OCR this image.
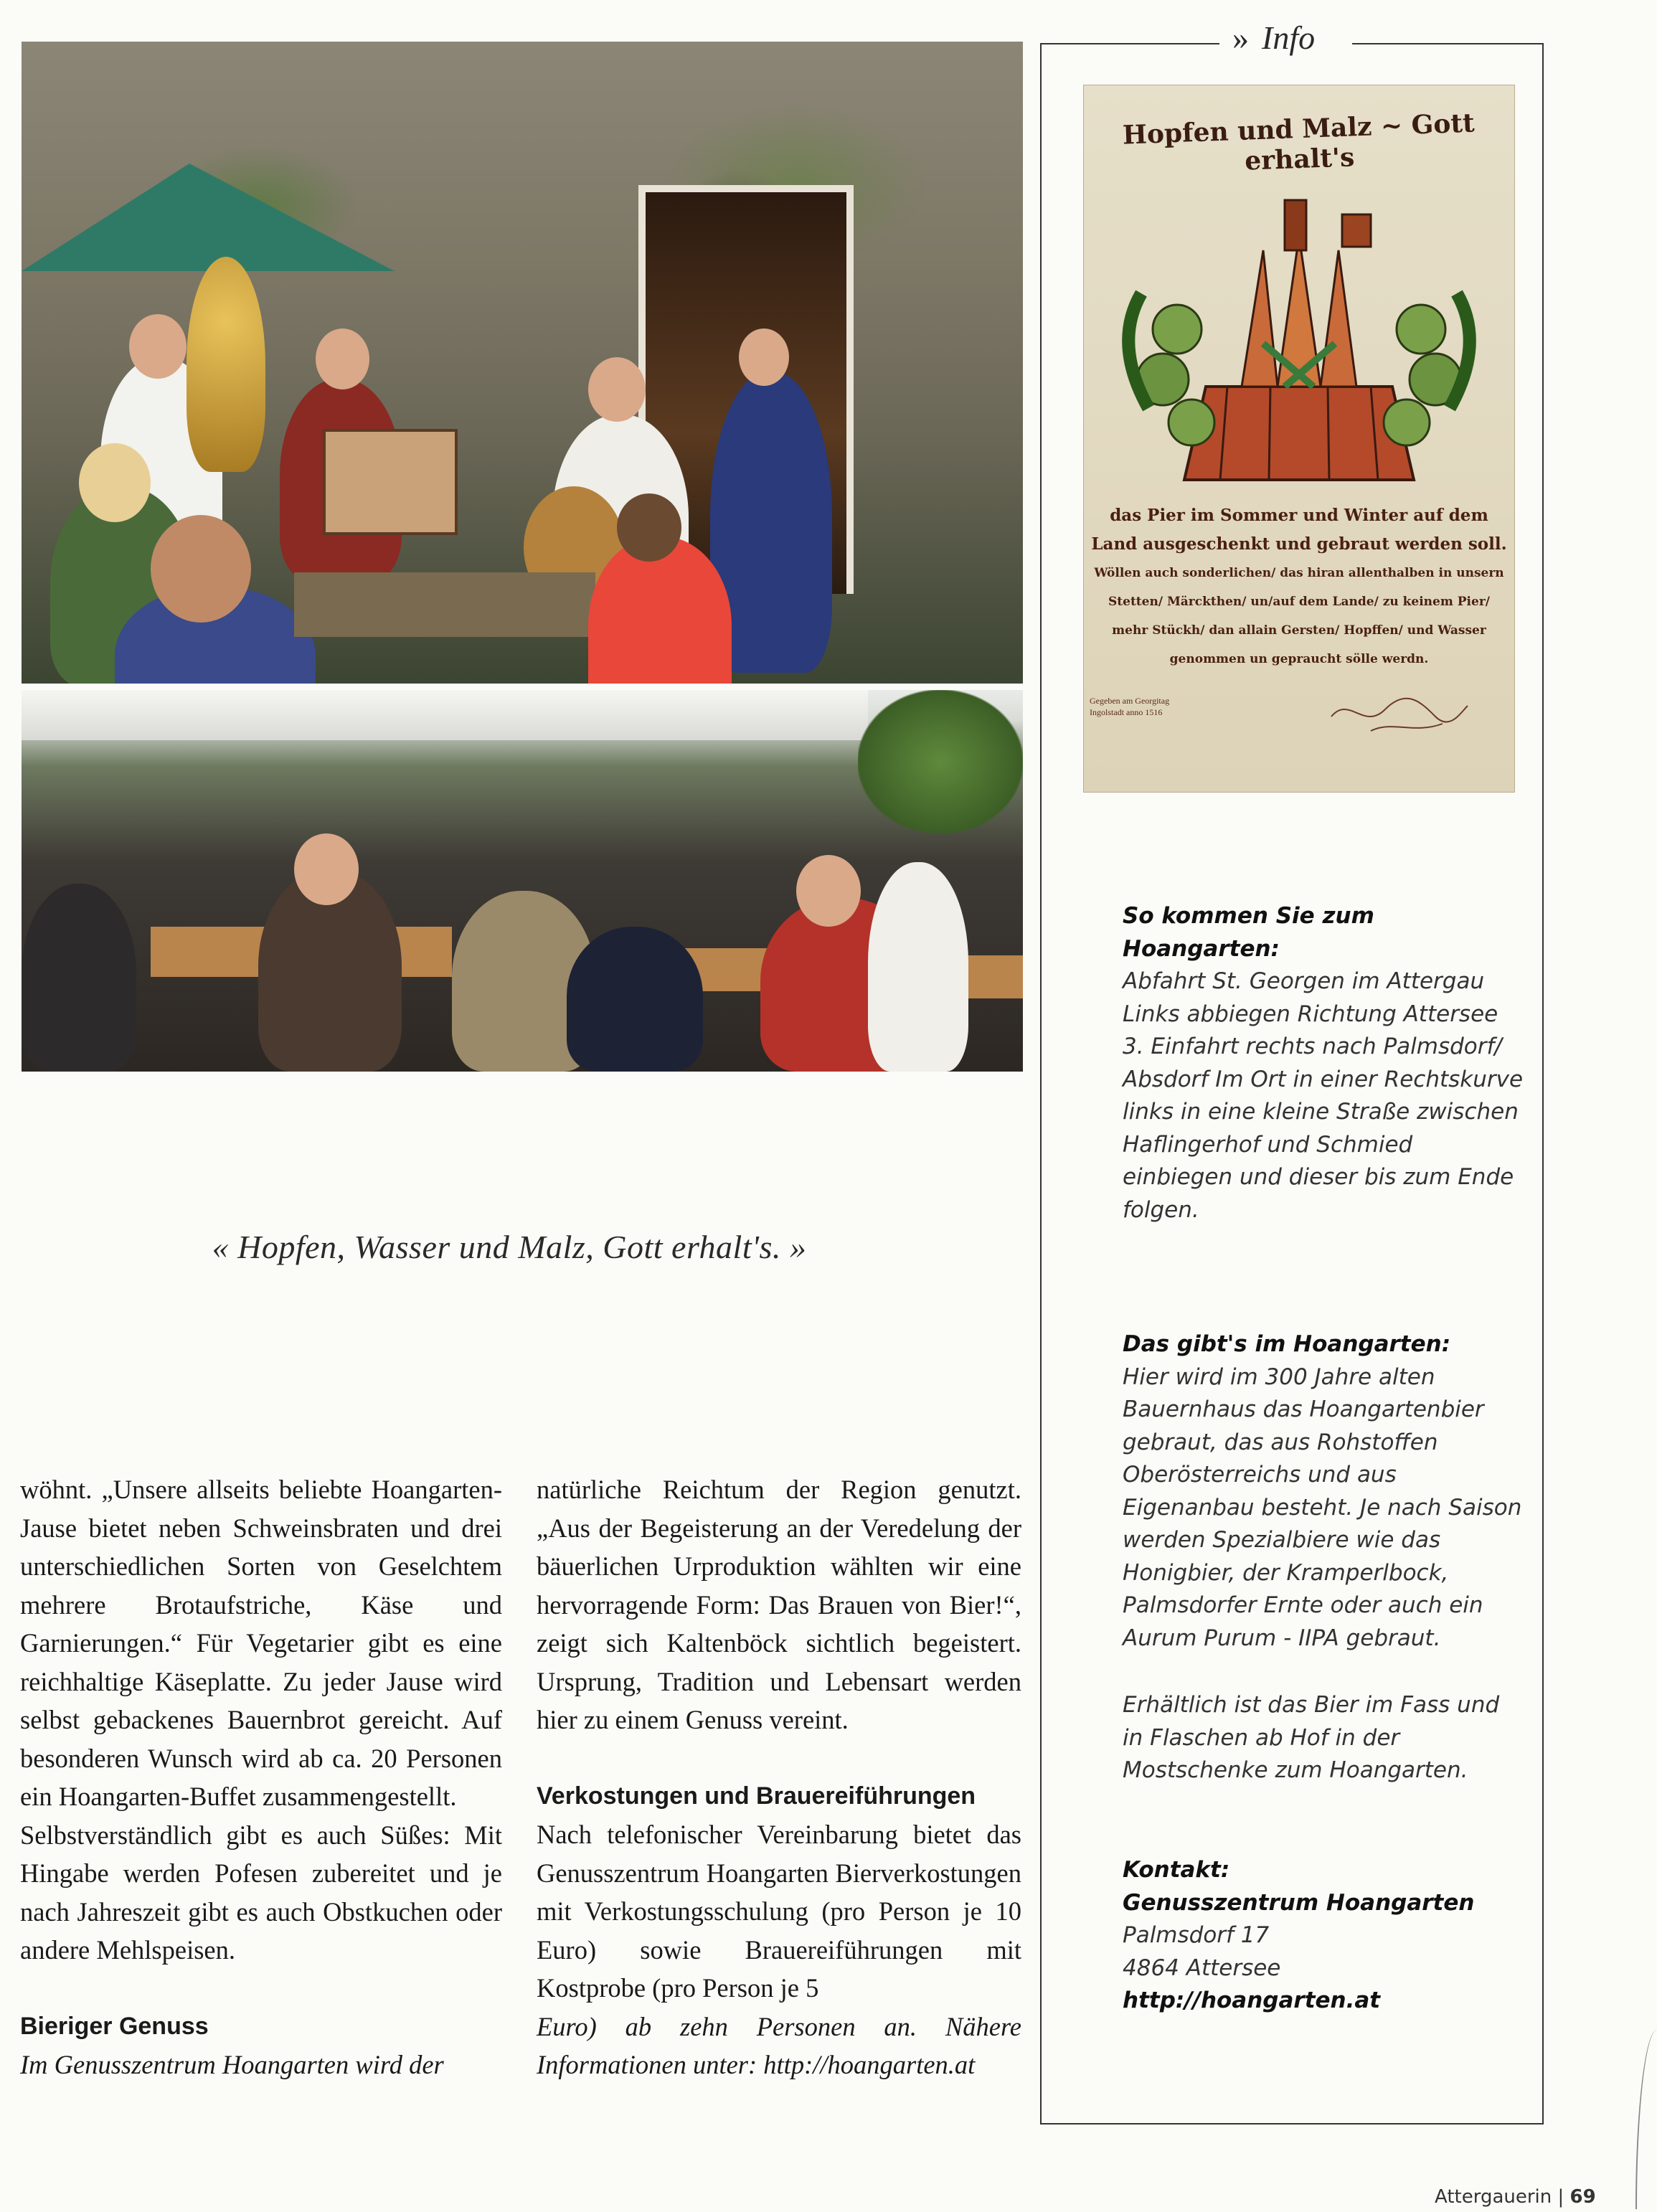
« Hopfen, Wasser und Malz, Gott erhalt's. »

wöhnt. „Unsere allseits beliebte Hoangarten-Jause bietet neben Schweinsbraten und drei unterschiedlichen Sorten von Geselchtem mehrere Brotaufstriche, Käse und Garnierungen.“ Für Vegetarier gibt es eine reichhaltige Käseplatte. Zu jeder Jause wird selbst gebackenes Bauernbrot gereicht. Auf besonderen Wunsch wird ab ca. 20 Personen ein Hoangarten-Buffet zusammengestellt.

Selbstverständlich gibt es auch Süßes: Mit Hingabe werden Pofesen zubereitet und je nach Jahreszeit gibt es auch Obstkuchen oder andere Mehlspeisen.

Bieriger Genuss

Im Genusszentrum Hoangarten wird der

natürliche Reichtum der Region genutzt. „Aus der Begeisterung an der Veredelung der bäuerlichen Urproduktion wählten wir eine hervorragende Form: Das Brauen von Bier!“, zeigt sich Kaltenböck sichtlich begeistert. Ursprung, Tradition und Lebensart werden hier zu einem Genuss vereint.

Verkostungen und Brauereiführungen

Nach telefonischer Vereinbarung bietet das Genusszentrum Hoangarten Bierverkostungen mit Verkostungsschulung (pro Person je 10 Euro) sowie Brauereiführungen mit Kostprobe (pro Person je 5

Euro) ab zehn Personen an. Nähere Informationen unter: http://hoangarten.at

» Info
Hopfen und Malz ~ Gott erhalt's
das Pier im Sommer und Winter auf dem
Land ausgeschenkt und gebraut werden soll.
Wöllen auch sonderlichen/ das hiran allenthalben in unsern
Stetten/ Märckthen/ un/auf dem Lande/ zu keinem Pier/
mehr Stückh/ dan allain Gersten/ Hopffen/ und Wasser
genommen un gepraucht sölle werdn.
Gegeben am Georgitag Ingolstadt anno 1516
So kommen Sie zum Hoangarten:
Abfahrt St. Georgen im Attergau Links abbiegen Richtung Attersee 3. Einfahrt rechts nach Palmsdorf/ Absdorf Im Ort in einer Rechtskurve links in eine kleine Straße zwischen Haflingerhof und Schmied einbiegen und dieser bis zum Ende folgen.
Das gibt's im Hoangarten:
Hier wird im 300 Jahre alten Bauernhaus das Hoangartenbier gebraut, das aus Rohstoffen Oberösterreichs und aus Eigenanbau besteht. Je nach Saison werden Spezialbiere wie das Honigbier, der Kramperlbock, Palmsdorfer Ernte oder auch ein Aurum Purum - IIPA gebraut.
Erhältlich ist das Bier im Fass und in Flaschen ab Hof in der Mostschenke zum Hoangarten.
Kontakt:
Genusszentrum Hoangarten
Palmsdorf 17
4864 Attersee
http://hoangarten.at
Attergauerin | 69
